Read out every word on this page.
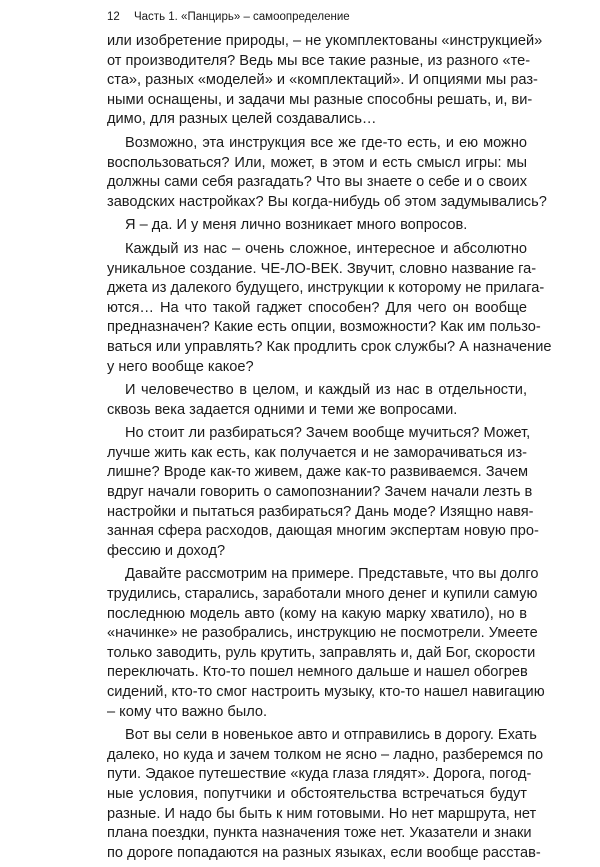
12 Часть 1. «Панцирь» – самоопределение
или изобретение природы, – не укомплектованы «инструкцией»
от производителя? Ведь мы все такие разные, из разного «те-
ста», разных «моделей» и «комплектаций». И опциями мы раз-
ными оснащены, и задачи мы разные способны решать, и, ви-
димо, для разных целей создавались…
Возможно, эта инструкция все же где-то есть, и ею можно
воспользоваться? Или, может, в этом и есть смысл игры: мы
должны сами себя разгадать? Что вы знаете о себе и о своих
заводских настройках? Вы когда-нибудь об этом задумывались?
Я – да. И у меня лично возникает много вопросов.
Каждый из нас – очень сложное, интересное и абсолютно
уникальное создание. ЧЕ-ЛО-ВЕК. Звучит, словно название га-
джета из далекого будущего, инструкции к которому не прилага-
ются… На что такой гаджет способен? Для чего он вообще
предназначен? Какие есть опции, возможности? Как им пользо-
ваться или управлять? Как продлить срок службы? А назначение
у него вообще какое?
И человечество в целом, и каждый из нас в отдельности,
сквозь века задается одними и теми же вопросами.
Но стоит ли разбираться? Зачем вообще мучиться? Может,
лучше жить как есть, как получается и не заморачиваться из-
лишне? Вроде как-то живем, даже как-то развиваемся. Зачем
вдруг начали говорить о самопознании? Зачем начали лезть в
настройки и пытаться разбираться? Дань моде? Изящно навя-
занная сфера расходов, дающая многим экспертам новую про-
фессию и доход?
Давайте рассмотрим на примере. Представьте, что вы долго
трудились, старались, заработали много денег и купили самую
последнюю модель авто (кому на какую марку хватило), но в
«начинке» не разобрались, инструкцию не посмотрели. Умеете
только заводить, руль крутить, заправлять и, дай Бог, скорости
переключать. Кто-то пошел немного дальше и нашел обогрев
сидений, кто-то смог настроить музыку, кто-то нашел навигацию
– кому что важно было.
Вот вы сели в новенькое авто и отправились в дорогу. Ехать
далеко, но куда и зачем толком не ясно – ладно, разберемся по
пути. Эдакое путешествие «куда глаза глядят». Дорога, погод-
ные условия, попутчики и обстоятельства встречаться будут
разные. И надо бы быть к ним готовыми. Но нет маршрута, нет
плана поездки, пункта назначения тоже нет. Указатели и знаки
по дороге попадаются на разных языках, если вообще расстав-
